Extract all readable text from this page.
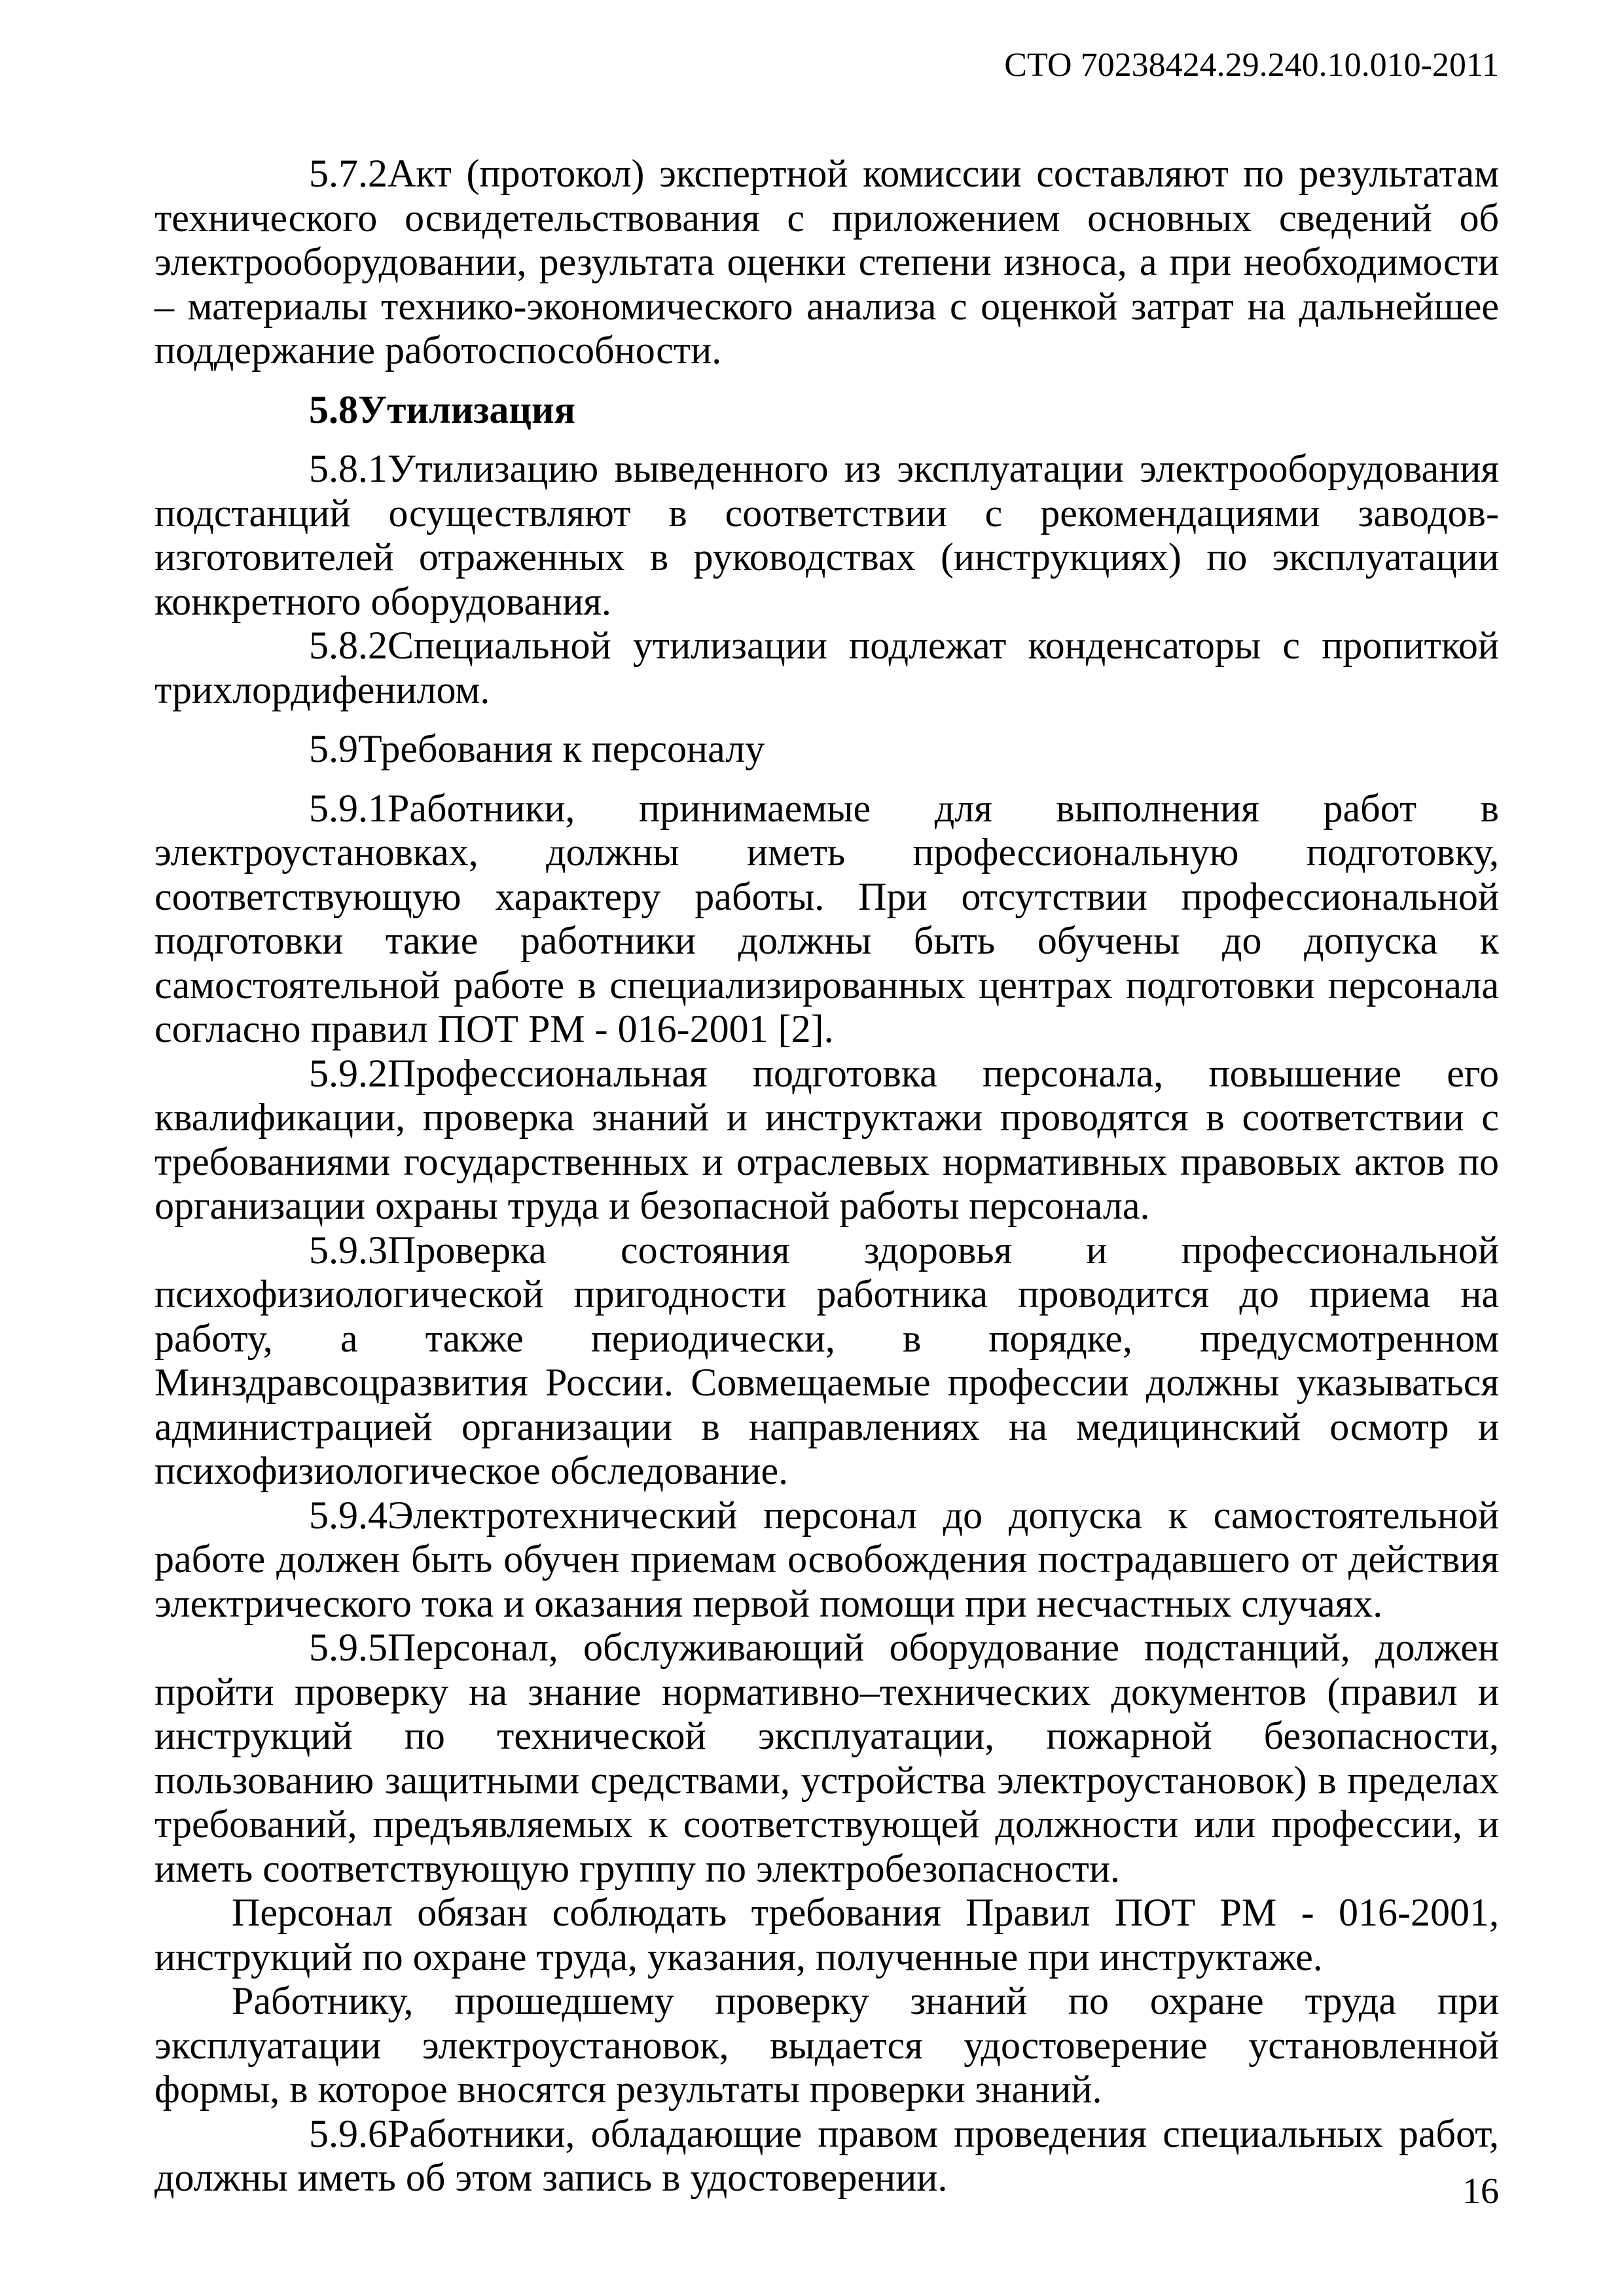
СТО 70238424.29.240.10.010-2011

5.7.2Акт (протокол) экспертной комиссии составляют по результатам технического освидетельствования с приложением основных сведений об электрооборудовании, результата оценки степени износа, а при необходимости – материалы технико-экономического анализа с оценкой затрат на дальнейшее поддержание работоспособности.

5.8Утилизация

5.8.1Утилизацию выведенного из эксплуатации электрооборудования подстанций осуществляют в соответствии с рекомендациями заводов-изготовителей отраженных в руководствах (инструкциях) по эксплуатации конкретного оборудования.

5.8.2Специальной утилизации подлежат конденсаторы с пропиткой трихлордифенилом.

5.9Требования к персоналу

5.9.1Работники, принимаемые для выполнения работ в электроустановках, должны иметь профессиональную подготовку, соответствующую характеру работы. При отсутствии профессиональной подготовки такие работники должны быть обучены до допуска к самостоятельной работе в специализированных центрах подготовки персонала согласно правил ПОТ РМ - 016-2001 [2].

5.9.2Профессиональная подготовка персонала, повышение его квалификации, проверка знаний и инструктажи проводятся в соответствии с требованиями государственных и отраслевых нормативных правовых актов по организации охраны труда и безопасной работы персонала.

5.9.3Проверка состояния здоровья и профессиональной психофизиологической пригодности работника проводится до приема на работу, а также периодически, в порядке, предусмотренном Минздравсоцразвития России. Совмещаемые профессии должны указываться администрацией организации в направлениях на медицинский осмотр и психофизиологическое обследование.

5.9.4Электротехнический персонал до допуска к самостоятельной работе должен быть обучен приемам освобождения пострадавшего от действия электрического тока и оказания первой помощи при несчастных случаях.

5.9.5Персонал, обслуживающий оборудование подстанций, должен пройти проверку на знание нормативно–технических документов (правил и инструкций по технической эксплуатации, пожарной безопасности, пользованию защитными средствами, устройства электроустановок) в пределах требований, предъявляемых к соответствующей должности или профессии, и иметь соответствующую группу по электробезопасности.

Персонал обязан соблюдать требования Правил ПОТ РМ - 016-2001, инструкций по охране труда, указания, полученные при инструктаже.

Работнику, прошедшему проверку знаний по охране труда при эксплуатации электроустановок, выдается удостоверение установленной формы, в которое вносятся результаты проверки знаний.

5.9.6Работники, обладающие правом проведения специальных работ, должны иметь об этом запись в удостоверении.	16
